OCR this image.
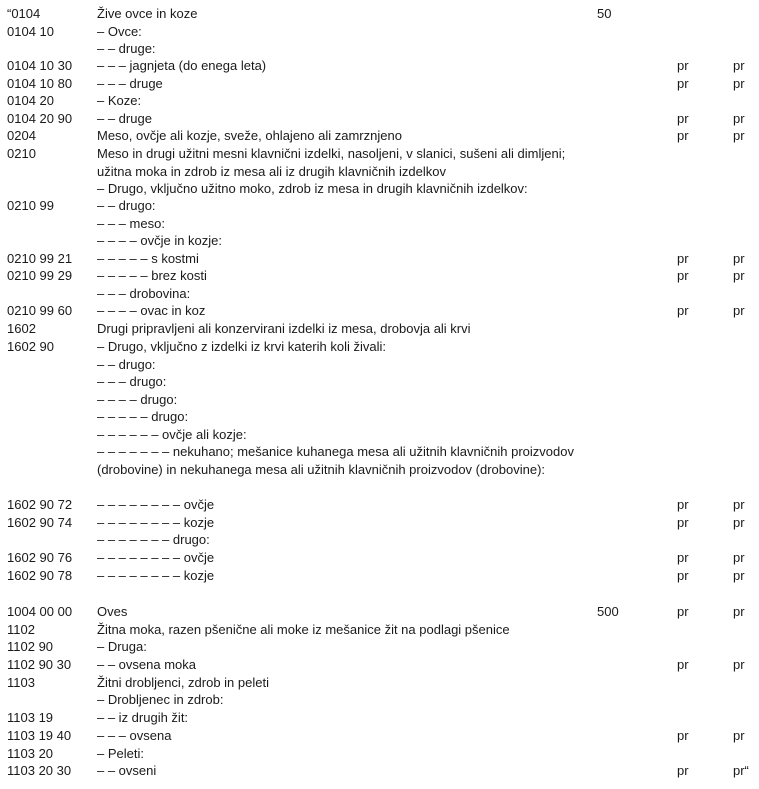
“0104	Žive ovce in koze	50
0104 10	– Ovce:
– – druge:
0104 10 30 – – – jagnjeta (do enega leta)	pr	pr
0104 10 80 – – – druge	pr	pr
0104 20	– Koze:
0104 20 90 – – druge	pr	pr
0204	Meso, ovčje ali kozje, sveže, ohlajeno ali zamrznjeno	pr	pr
0210	Meso in drugi užitni mesni klavnični izdelki, nasoljeni, v slanici, sušeni ali dimljeni; užitna moka in zdrob iz mesa ali iz drugih klavničnih izdelkov
– Drugo, vključno užitno moko, zdrob iz mesa in drugih klavničnih izdelkov:
0210 99	– – drugo:
– – – meso:
– – – – ovčje in kozje:
0210 99 21 – – – – – s kostmi	pr	pr
0210 99 29 – – – – – brez kosti	pr	pr
– – – drobovina:
0210 99 60 – – – – ovac in koz	pr	pr
1602	Drugi pripravljeni ali konzervirani izdelki iz mesa, drobovja ali krvi
1602 90	– Drugo, vključno z izdelki iz krvi katerih koli živali:
– – drugo:
– – – drugo:
– – – – drugo:
– – – – – drugo:
– – – – – – ovčje ali kozje:
– – – – – – – nekuhano; mešanice kuhanega mesa ali užitnih klavničnih proizvodov (drobovine) in nekuhanega mesa ali užitnih klavničnih proizvodov (drobovine):
1602 90 72 – – – – – – – – ovčje	pr	pr
1602 90 74 – – – – – – – – kozje	pr	pr
– – – – – – – drugo:
1602 90 76 – – – – – – – – ovčje	pr	pr
1602 90 78 – – – – – – – – kozje	pr	pr
1004 00 00 Oves	500	pr	pr
1102	Žitna moka, razen pšenične ali moke iz mešanice žit na podlagi pšenice
1102 90	– Druga:
1102 90 30 – – ovsena moka	pr	pr
1103	Žitni drobljenci, zdrob in peleti
– Drobljenec in zdrob:
1103 19	– – iz drugih žit:
1103 19 40 – – – ovsena	pr	pr
1103 20	– Peleti:
1103 20 30 – – ovseni	pr	pr“
